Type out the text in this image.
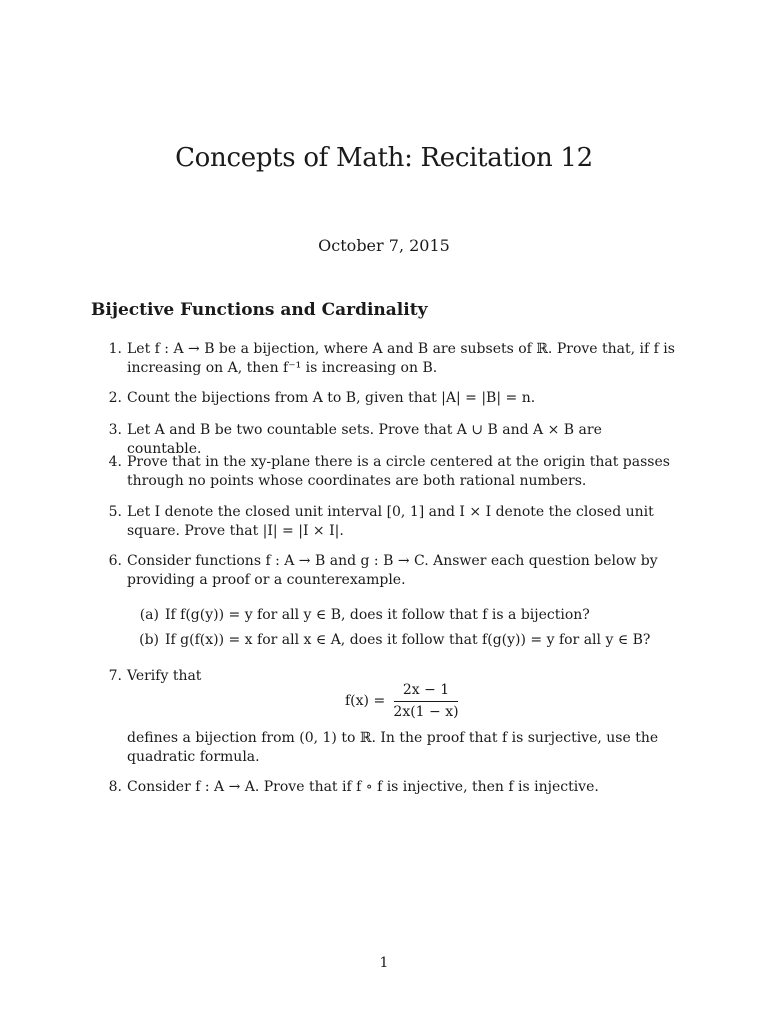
Concepts of Math: Recitation 12
October 7, 2015
Bijective Functions and Cardinality
1. Let f : A → B be a bijection, where A and B are subsets of ℝ. Prove that, if f is increasing on A, then f⁻¹ is increasing on B.
2. Count the bijections from A to B, given that |A| = |B| = n.
3. Let A and B be two countable sets. Prove that A ∪ B and A × B are countable.
4. Prove that in the xy-plane there is a circle centered at the origin that passes through no points whose coordinates are both rational numbers.
5. Let I denote the closed unit interval [0, 1] and I × I denote the closed unit square. Prove that |I| = |I × I|.
6. Consider functions f : A → B and g : B → C. Answer each question below by providing a proof or a counterexample.
(a) If f(g(y)) = y for all y ∈ B, does it follow that f is a bijection?
(b) If g(f(x)) = x for all x ∈ A, does it follow that f(g(y)) = y for all y ∈ B?
7. Verify that
f(x) =
2x − 1
2x(1 − x)
defines a bijection from (0, 1) to ℝ. In the proof that f is surjective, use the quadratic formula.
8. Consider f : A → A. Prove that if f ∘ f is injective, then f is injective.
1
